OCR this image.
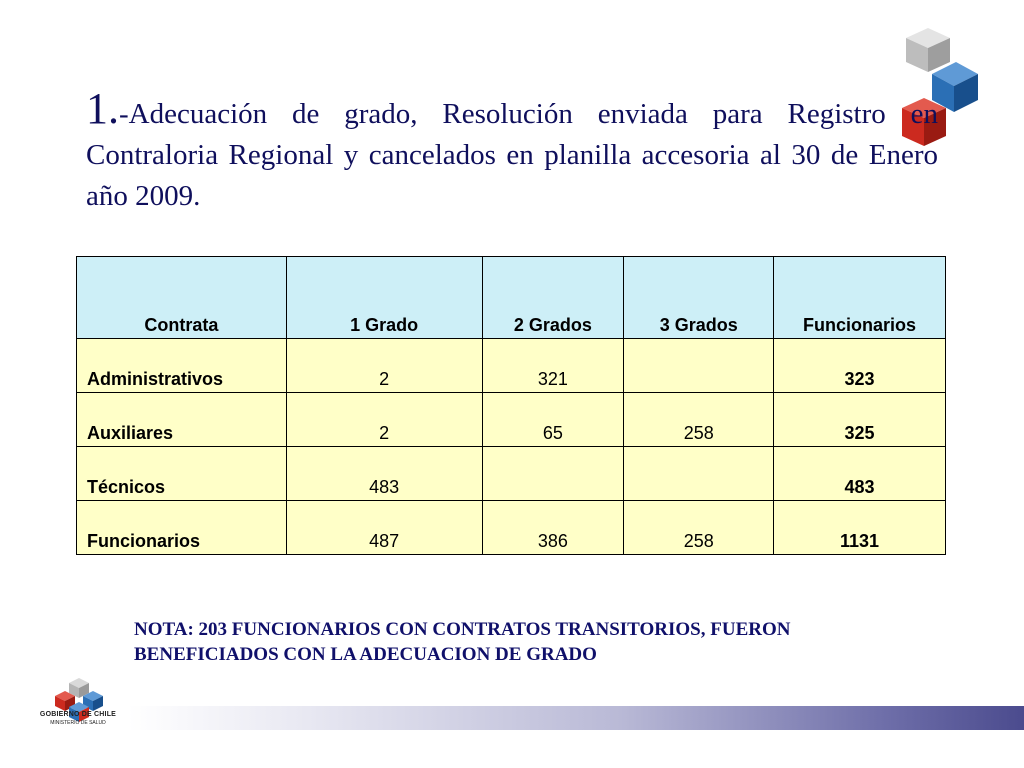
1.-Adecuación de grado, Resolución enviada para Registro en Contraloria Regional y cancelados en planilla accesoria al 30 de Enero año 2009.

Contrata	1 Grado	2 Grados	3 Grados	Funcionarios
Administrativos	2	321		323
Auxiliares	2	65	258	325
Técnicos	483			483
Funcionarios	487	386	258	1131
NOTA: 203 FUNCIONARIOS CON CONTRATOS TRANSITORIOS, FUERON
BENEFICIADOS CON LA ADECUACION DE GRADO
GOBIERNO DE CHILE
MINISTERIO DE SALUD
